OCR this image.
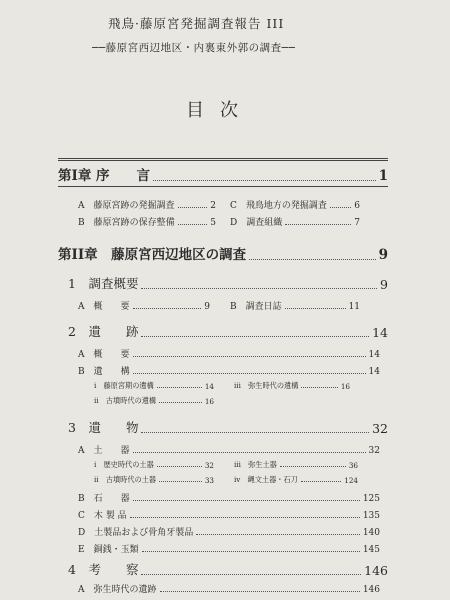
飛鳥·藤原宮発掘調査報告 III
──藤原宮西辺地区・内裏東外郭の調査──
目次
第I章 序　　言	1
A　藤原宮跡の発掘調査	2 C　飛鳥地方の発掘調査	6
B　藤原宮跡の保存整備	5 D　調査組織	7
第II章　藤原宮西辺地区の調査	9
1　調査概要	9
A　概　　要	9 B　調査日誌	11
2　遺　　跡	14
A　概　　要	14
B　遺　　構	14
i　藤原宮期の遺構	14	iii　弥生時代の遺構	16
ii　古墳時代の遺構	16
3　遺　　物	32
A　土　　器	32
i　歴史時代の土器	32	iii　弥生土器	36
ii　古墳時代の土器	33	iv　縄文土器・石刀	124
B　石　　器	125
C　木 製 品	135
D　土製品および骨角牙製品	140
E　銅銭・玉類	145
4　考　　察	146
A　弥生時代の遺跡	146
